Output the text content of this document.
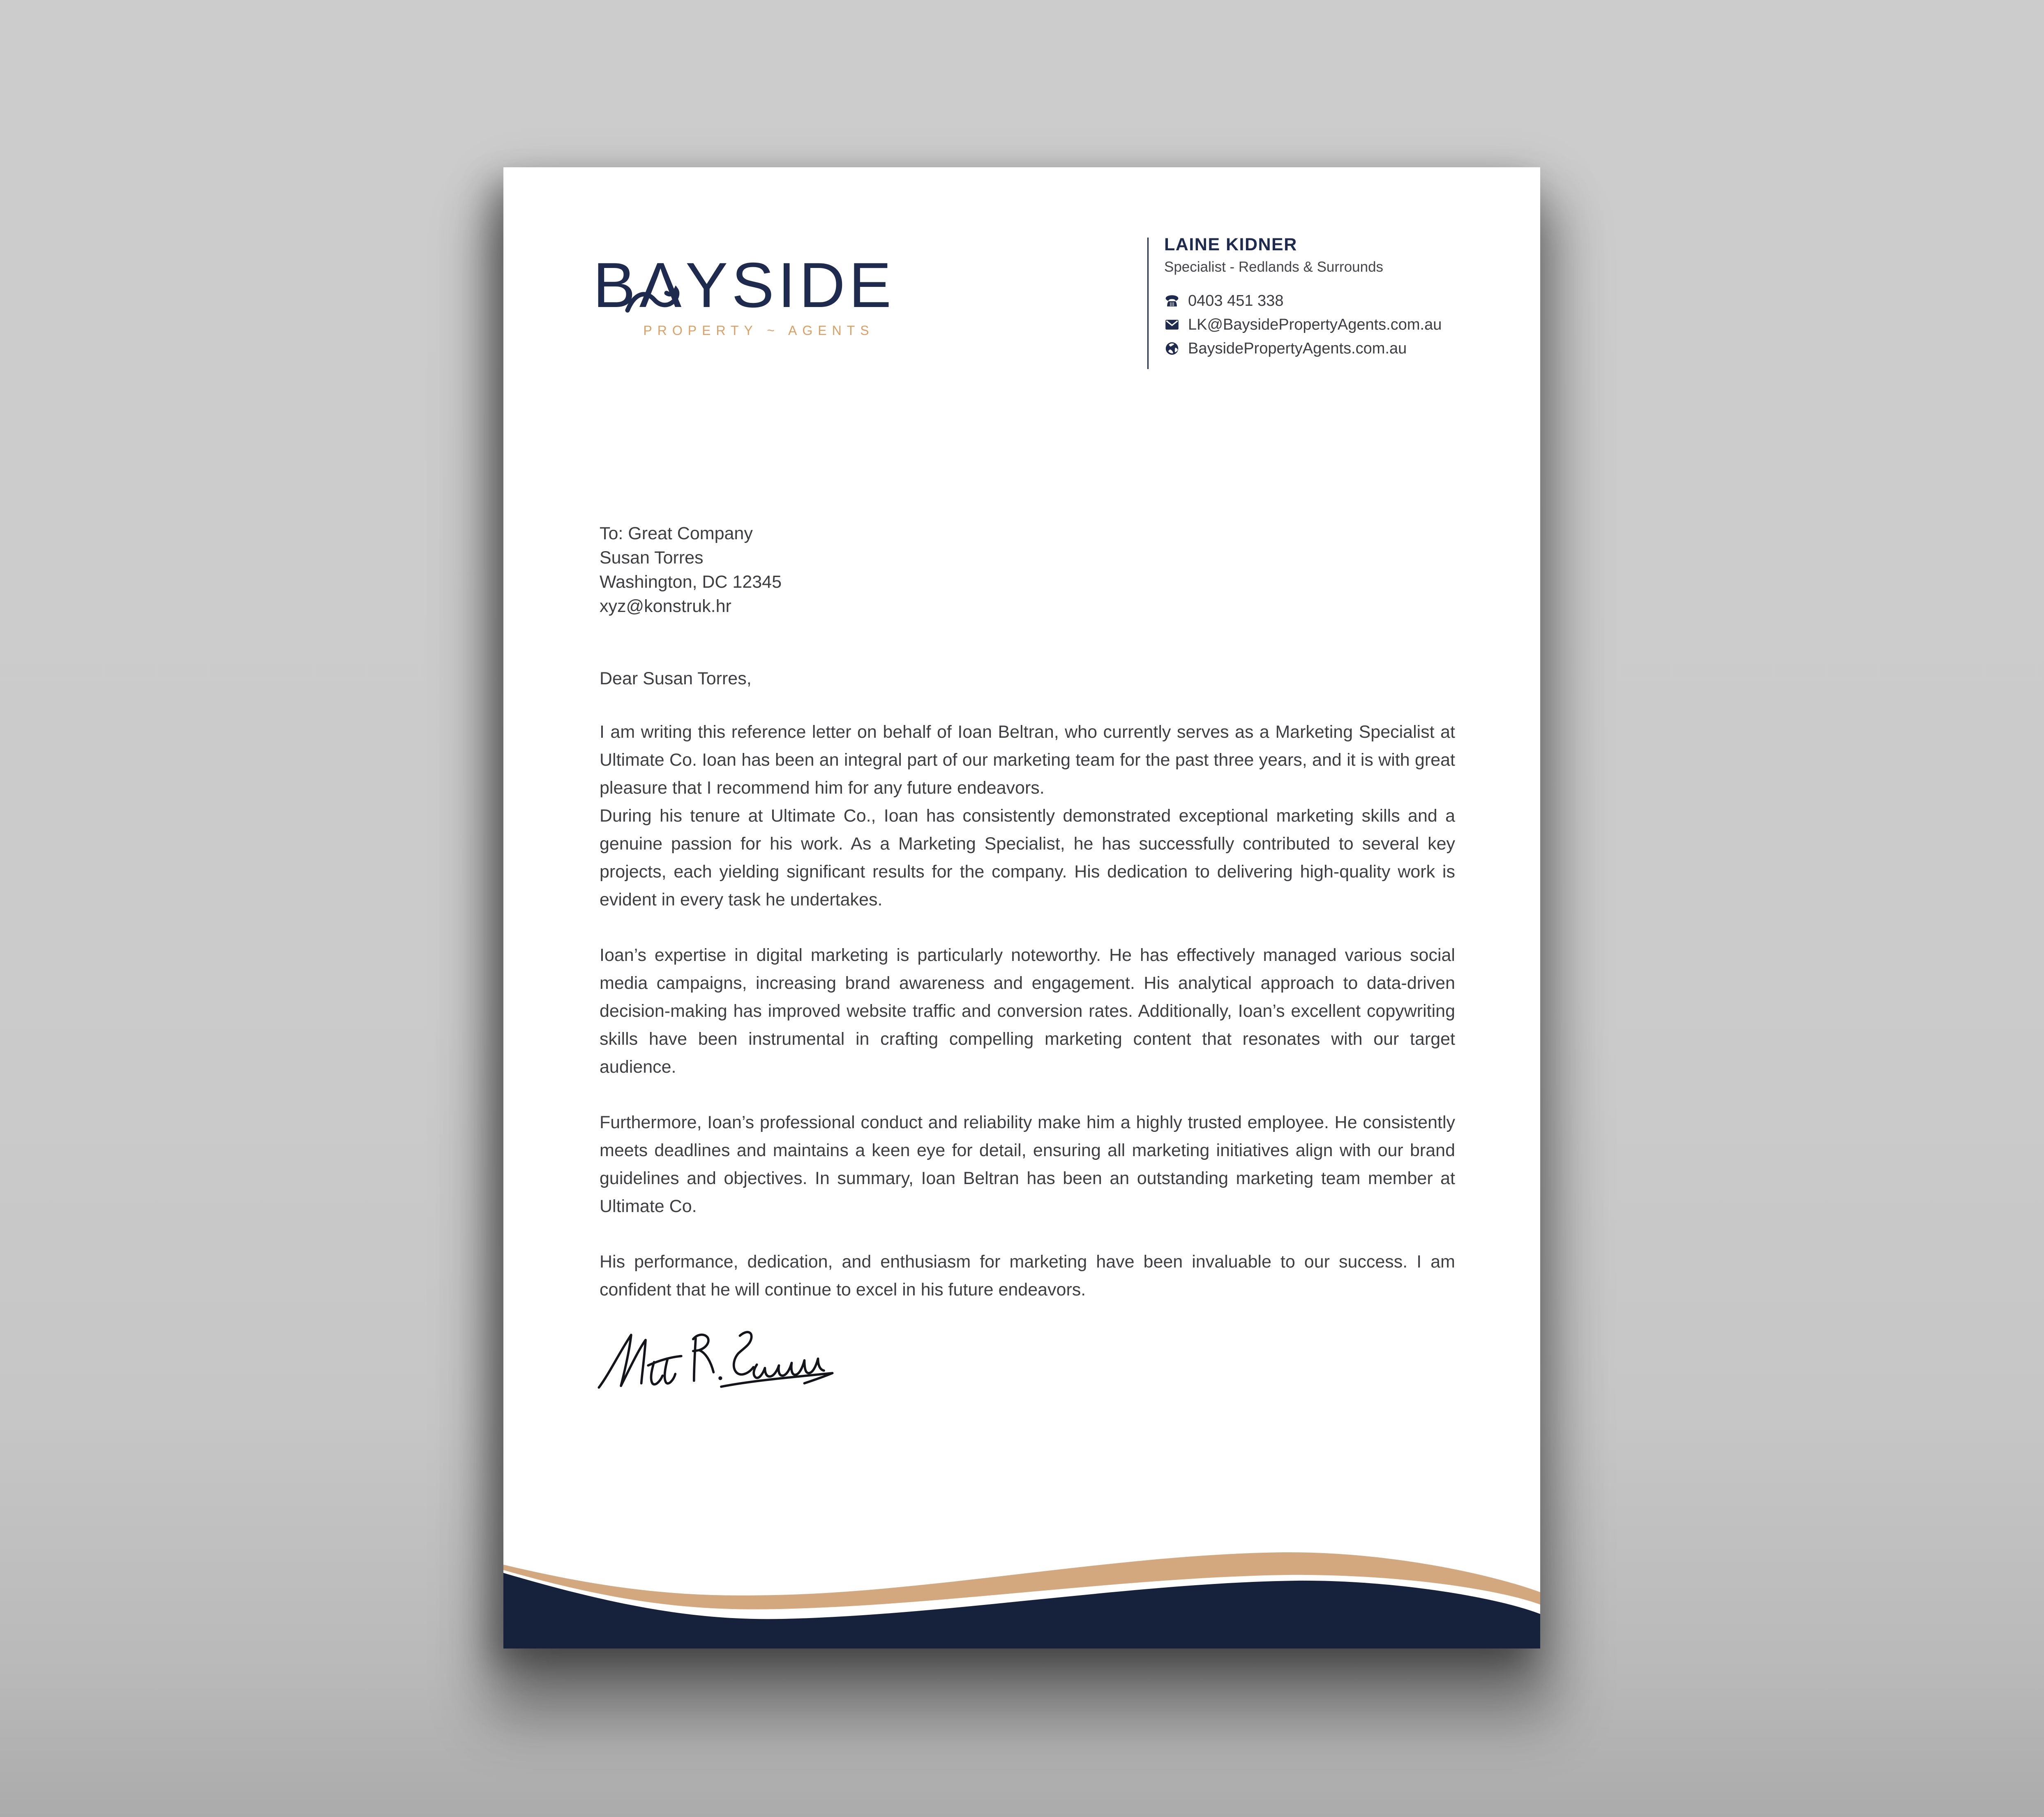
BΛYSIDE
PROPERTY ~ AGENTS
LAINE KIDNER
Specialist - Redlands & Surrounds
0403 451 338
LK@BaysidePropertyAgents.com.au
BaysidePropertyAgents.com.au
To: Great Company
Susan Torres
Washington, DC 12345
xyz@konstruk.hr

Dear Susan Torres,

I am writing this reference letter on behalf of Ioan Beltran, who currently serves as a Marketing Specialist at Ultimate Co. Ioan has been an integral part of our marketing team for the past three years, and it is with great pleasure that I recommend him for any future endeavors.

During his tenure at Ultimate Co., Ioan has consistently demonstrated exceptional marketing skills and a genuine passion for his work. As a Marketing Specialist, he has successfully contributed to several key projects, each yielding significant results for the company. His dedication to delivering high-quality work is evident in every task he undertakes.

Ioan’s expertise in digital marketing is particularly noteworthy. He has effectively managed various social media campaigns, increasing brand awareness and engagement. His analytical approach to data-driven decision-making has improved website traffic and conversion rates. Additionally, Ioan’s excellent copywriting skills have been instrumental in crafting compelling marketing content that resonates with our target audience.

Furthermore, Ioan’s professional conduct and reliability make him a highly trusted employee. He consistently meets deadlines and maintains a keen eye for detail, ensuring all marketing initiatives align with our brand guidelines and objectives. In summary, Ioan Beltran has been an outstanding marketing team member at Ultimate Co.

His performance, dedication, and enthusiasm for marketing have been invaluable to our success. I am confident that he will continue to excel in his future endeavors.
